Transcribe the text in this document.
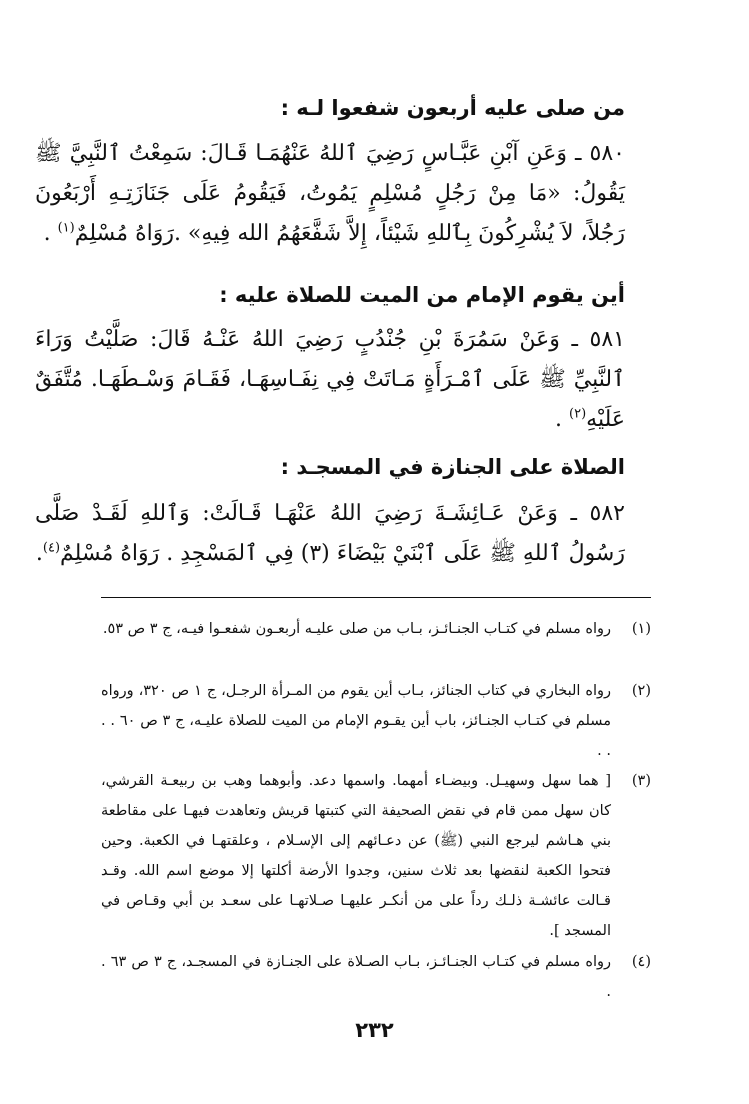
من صلى عليه أربعون شفعوا لـه :
٥٨٠ ـ وَعَنِ آبْنِ عَبَّـاسٍ رَضِيَ ٱللهُ عَنْهُمَـا قَـالَ: سَمِعْتُ ٱلنَّبِيَّ ﷺ يَقُولُ: «مَا مِنْ رَجُلٍ مُسْلِمٍ يَمُوتُ، فَيَقُومُ عَلَى جَنَازَتِـهِ أَرْبَعُونَ رَجُلاً، لاَ يُشْرِكُونَ بِٱللهِ شَيْئاً، إِلاَّ شَفَّعَهُمُ الله فِيهِ» .رَوَاهُ مُسْلِمٌ$^{(١)}$ .
أين يقوم الإمام من الميت للصلاة عليه :
٥٨١ ـ وَعَنْ سَمُرَةَ بْنِ جُنْدُبٍ رَضِيَ اللهُ عَنْـهُ قَالَ: صَلَّيْتُ وَرَاءَ ٱلنَّبِيِّ ﷺ عَلَى ٱمْـرَأَةٍ مَـاتَتْ فِي نِفَـاسِهَـا، فَقَـامَ وَسْـطَهَـا. مُتَّفَقٌ عَلَيْهِ$^{(٢)}$ .
الصلاة على الجنازة في المسجـد :
٥٨٢ ـ وَعَنْ عَـائِشَـةَ رَضِيَ اللهُ عَنْهَـا قَـالَتْ: وَٱللهِ لَقَـدْ صَلَّى رَسُولُ ٱللهِ ﷺ عَلَى ٱبْنَيْ بَيْضَاءَ (٣) فِي ٱلمَسْجِدِ . رَوَاهُ مُسْلِمٌ$^{(٤)}$.
(١)
رواه مسلم في كتـاب الجنـائـز، بـاب من صلى عليـه أربعـون شفعـوا فيـه، ج ٣ ص ٥٣.
(٢)
رواه البخاري في كتاب الجنائز، بـاب أين يقوم من المـرأة الرجـل، ج ١ ص ٣٢٠، ورواه مسلم في كتـاب الجنـائز، باب أين يقـوم الإمام من الميت للصلاة عليـه، ج ٣ ص ٦٠ . . . .
(٣)
[ هما سهل وسهيـل. وبيضـاء أمهما. واسمها دعد. وأبوهما وهب بن ربيعـة القرشي، كان سهل ممن قام في نقض الصحيفة التي كتبتها قريش وتعاهدت فيهـا على مقاطعة بني هـاشم ليرجع النبي (ﷺ) عن دعـائهم إلى الإسـلام ، وعلقتهـا في الكعبة. وحين فتحوا الكعبة لنقضها بعد ثلاث سنين، وجدوا الأرضة أكلتها إلا موضع اسم الله. وقـد قـالت عائشـة ذلـك رداً على من أنكـر عليهـا صـلاتهـا على سعـد بن أبي وقـاص في المسجد ].
(٤)
رواه مسلم في كتـاب الجنـائـز، بـاب الصـلاة على الجنـازة في المسجـد، ج ٣ ص ٦٣ . .
٢٣٢
